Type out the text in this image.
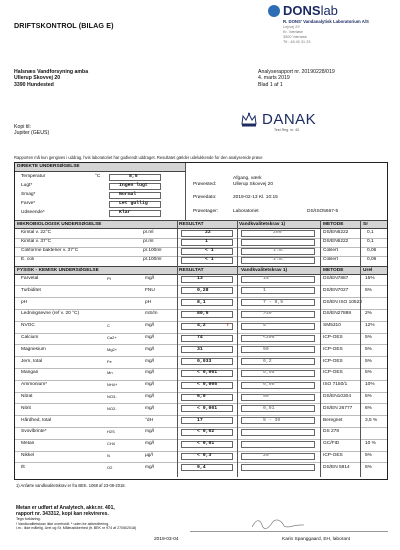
DRIFTSKONTROL (BILAG E)
DONS lab
R. DONS' Vandanalytisk Laboratorium A/S
Lejrvej 29
Kr. Værløse
3500 Værløse
Tlf.: 48 40 31 33
Halsnæs Vandforsyning amba
Ullerup Skovvej 20
3390 Hundested
Analyserapport nr. 20190228/019
4. marts 2019
Blad 1 af 1
Kopi til:
Jupiter (GEUS)
DANAK
Test Reg. nr. 40
Rapporten må kun gengives i uddrag, hvis laboratoriet har godkendt uddraget. Resultatet gælder udelukkende for den analyserede prøve
DIREKTE UNDERSØGELSE
Temperatur	°C	8,5
Lugt*	Ingen lugt
Smag*	Normal
Farve*	Let gullig
Udseende*	Klar
Prøvested:
Afgang, værk
Ullerup Skovvej 20
Prøvedato:	2019-02-13 Kl. 10:15
Prøvetager:	Laboratoriet	DS/ISO5667-5
MIKROBIOLOGISK UNDERSØGELSE	RESULTAT	Vandkvalitetskrav 1)	METODE	Sr
Kimtal v. 22°C	pr.ml	22	200	DS/EN6222	0,1
Kimtal v. 37°C	pr.ml	1	DS/EN6222	0,1
Coliforme bakterier v. 37°C	pr.100ml	< 1	i.m.	Colilert	0,06
E. coli	pr.100ml	< 1	i.m.	Colilert	0,06
FYSISK - KEMISK UNDERSØGELSE	RESULTAT	Vandkvalitetskrav 1)	METODE	Urel
Farvetal	Pt	mg/l	13	15	DS/EN7887	15%
Turbiditet	FNU	0,28	1	DS/EN7027	5%
pH	pH	8,1	7 - 8,5	DS/EN ISO 10523
Ledningsevne (ref v. 20 °C)	mS/m	80,5	>30	DS/EN27888	2%
NVOC	C	mg/l	4,2	!	4	SM5310	12%
Calcium	Ca2+	mg/l	74	<200	ICP-OES	5%
Magnesium	Mg2+	mg/l	31	50	ICP-OES	5%
Jern, total	Fe	mg/l	0,033	0,2	ICP-OES	5%
Mangan	Mn	mg/l	< 0,001	0,05	ICP-OES	5%
Ammonium*	NH4+	mg/l	< 0,005	0,05	ISO 7150/1	10%
Nitrat	NO3-	mg/l	6,0	50	DS/EN10304	5%
Nitrit	NO2-	mg/l	< 0,001	0,01	DS/EN 26777	6%
Hårdhed, total	°dH	17	5 - 30	Beregnet	3,5 %
Svovlbrinte*	H2S	mg/l	< 0,02	DS 278
Metan	CH4	mg/l	< 0,01	GC/FID	10 %
Nikkel	N	µg/l	< 0,3	20	ICP-OES	5%
Ilt	O2	mg/l	9,4	DS/EN 5814	5%
1) Anførte vandkvalitetskrav er fra BEK. 1068 af 23-08-2018.
Metan er udført af Analytech, akkr.nr. 401,
rapport nr. 343312, kopi kan rekvireres.
Tegn forklaring:
! Vandkvalitetskrav ikke overholdt. * uden for akkreditering.
i.m.: Ikke målelig. Urel og Sr. Måleusikkerhed jfr. BEK nr 974 af 27/06/2018)
2019-03-04	Karin Spanggaard, EH, laborant
